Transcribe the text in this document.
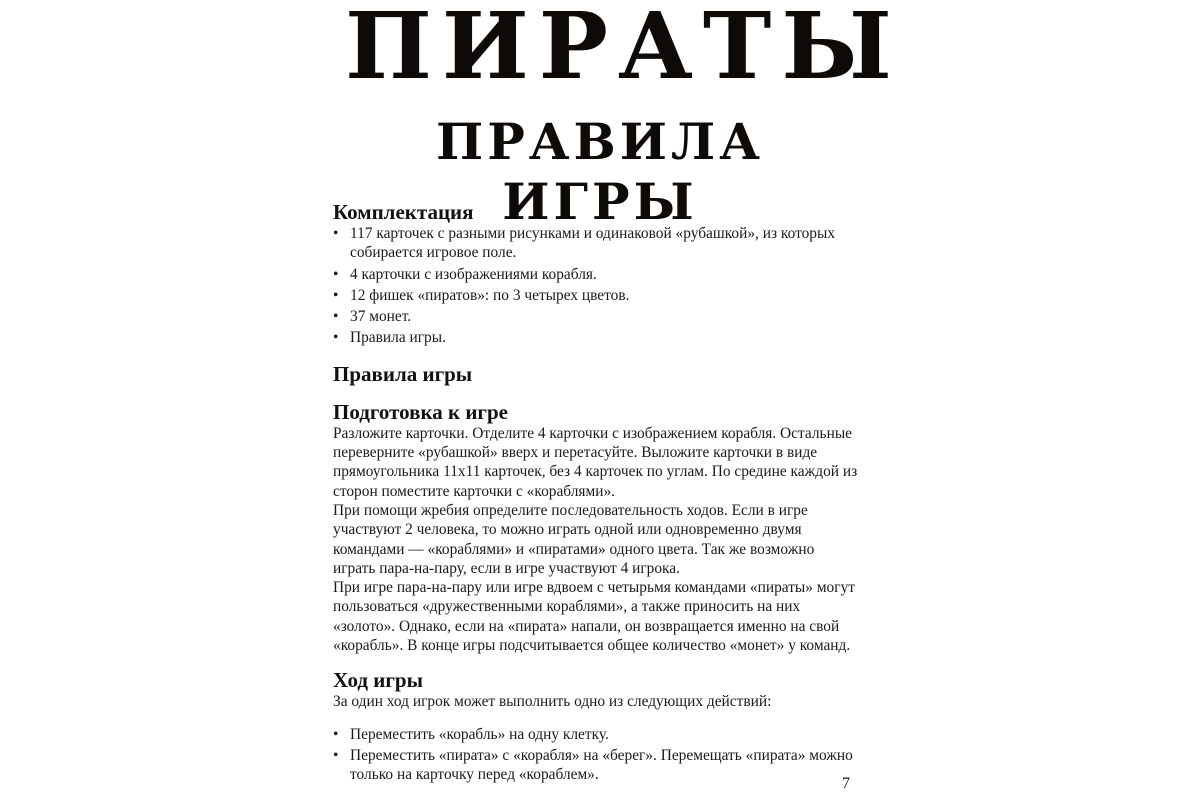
ПИРАТЫ
ПРАВИЛА ИГРЫ
Комплектация
• 117 карточек с разными рисунками и одинаковой «рубашкой», из которых собирается игровое поле.
• 4 карточки с изображениями корабля.
• 12 фишек «пиратов»: по 3 четырех цветов.
• 37 монет.
• Правила игры.
Правила игры
Подготовка к игре

Разложите карточки. Отделите 4 карточки с изображением корабля. Остальные переверните «рубашкой» вверх и перетасуйте. Выложите карточки в виде прямоугольника 11x11 карточек, без 4 карточек по углам. По средине каждой из сторон поместите карточки с «кораблями».

При помощи жребия определите последовательность ходов. Если в игре участвуют 2 человека, то можно играть одной или одновременно двумя командами — «кораблями» и «пиратами» одного цвета. Так же возможно играть пара-на-пару, если в игре участвуют 4 игрока.

При игре пара-на-пару или игре вдвоем с четырьмя командами «пираты» могут пользоваться «дружественными кораблями», а также приносить на них «золото». Однако, если на «пирата» напали, он возвращается именно на свой «корабль». В конце игры подсчитывается общее количество «монет» у команд.

Ход игры

За один ход игрок может выполнить одно из следующих действий:

• Переместить «корабль» на одну клетку.
• Переместить «пирата» с «корабля» на «берег». Перемещать «пирата» можно только на карточку перед «кораблем».
7
